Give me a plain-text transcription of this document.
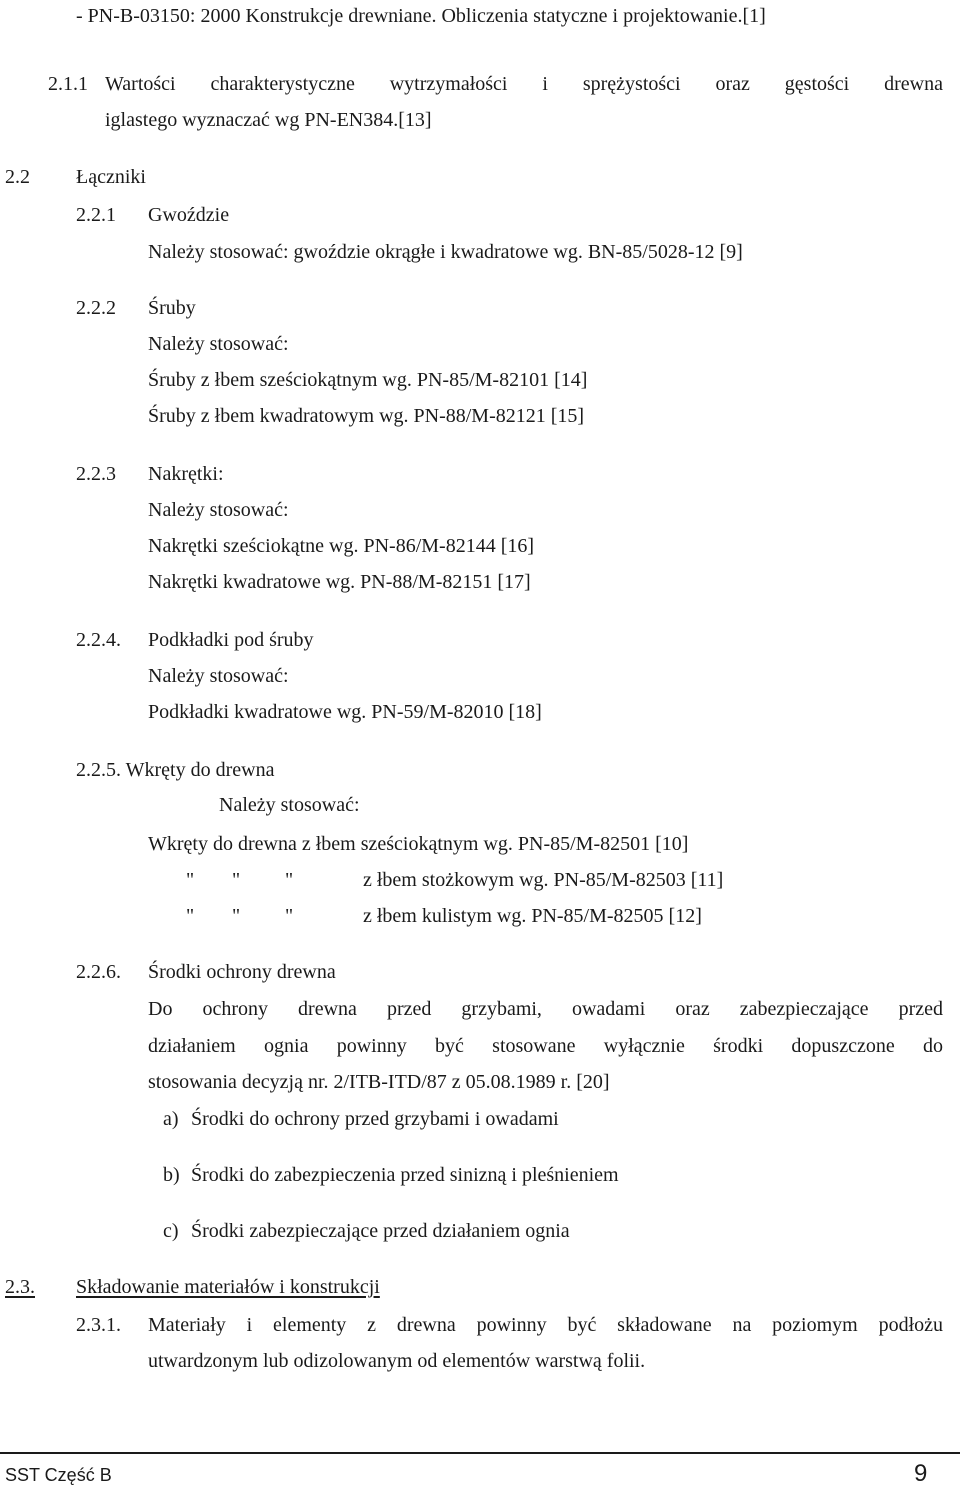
- PN-B-03150: 2000 Konstrukcje drewniane. Obliczenia statyczne i projektowanie.[1]
2.1.1 Wartości charakterystyczne wytrzymałości i sprężystości oraz gęstości drewna
iglastego wyznaczać wg PN-EN384.[13]
2.2 Łączniki
2.2.1 Gwoździe
Należy stosować: gwoździe okrągłe i kwadratowe wg. BN-85/5028-12 [9]
2.2.2 Śruby
Należy stosować:
Śruby z łbem sześciokątnym wg. PN-85/M-82101 [14]
Śruby z łbem kwadratowym wg. PN-88/M-82121 [15]
2.2.3 Nakrętki:
Należy stosować:
Nakrętki sześciokątne wg. PN-86/M-82144 [16]
Nakrętki kwadratowe wg. PN-88/M-82151 [17]
2.2.4. Podkładki pod śruby
Należy stosować:
Podkładki kwadratowe wg. PN-59/M-82010 [18]
2.2.5. Wkręty do drewna
Należy stosować:
Wkręty do drewna z łbem sześciokątnym wg. PN-85/M-82501 [10]
" " "	z łbem stożkowym wg. PN-85/M-82503 [11]
" " "	z łbem kulistym wg. PN-85/M-82505 [12]
2.2.6. Środki ochrony drewna
Do ochrony drewna przed grzybami, owadami oraz zabezpieczające przed
działaniem ognia powinny być stosowane wyłącznie środki dopuszczone do
stosowania decyzją nr. 2/ITB-ITD/87 z 05.08.1989 r. [20]
a) Środki do ochrony przed grzybami i owadami
b) Środki do zabezpieczenia przed sinizną i pleśnieniem
c) Środki zabezpieczające przed działaniem ognia
2.3. Składowanie materiałów i konstrukcji
2.3.1. Materiały i elementy z drewna powinny być składowane na poziomym podłożu
utwardzonym lub odizolowanym od elementów warstwą folii.
SST Część B	9
